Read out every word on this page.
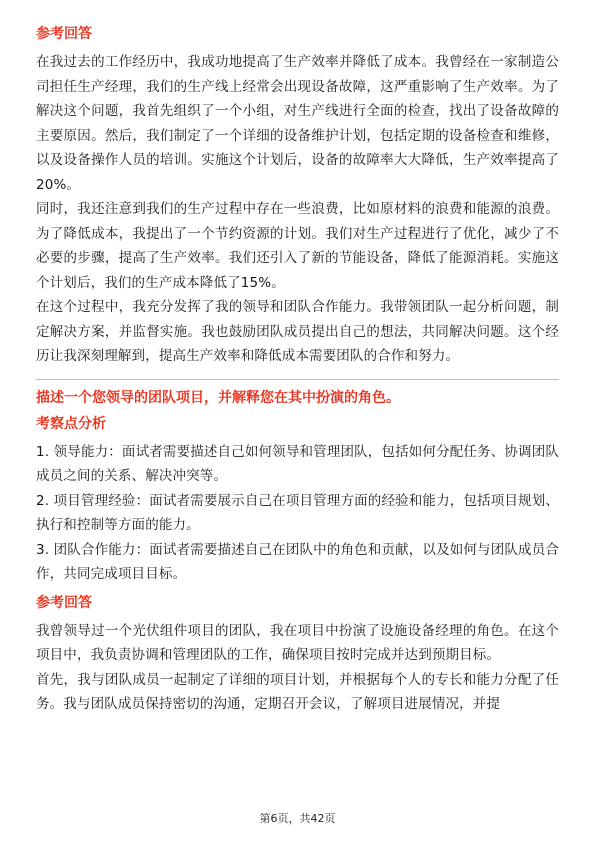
参考回答

在我过去的工作经历中，我成功地提高了生产效率并降低了成本。我曾经在一家制造公司担任生产经理，我们的生产线上经常会出现设备故障，这严重影响了生产效率。为了解决这个问题，我首先组织了一个小组，对生产线进行全面的检查，找出了设备故障的主要原因。然后，我们制定了一个详细的设备维护计划，包括定期的设备检查和维修，以及设备操作人员的培训。实施这个计划后，设备的故障率大大降低，生产效率提高了20%。

同时，我还注意到我们的生产过程中存在一些浪费，比如原材料的浪费和能源的浪费。为了降低成本，我提出了一个节约资源的计划。我们对生产过程进行了优化，减少了不必要的步骤，提高了生产效率。我们还引入了新的节能设备，降低了能源消耗。实施这个计划后，我们的生产成本降低了15%。

在这个过程中，我充分发挥了我的领导和团队合作能力。我带领团队一起分析问题，制定解决方案，并监督实施。我也鼓励团队成员提出自己的想法，共同解决问题。这个经历让我深刻理解到，提高生产效率和降低成本需要团队的合作和努力。

描述一个您领导的团队项目，并解释您在其中扮演的角色。
考察点分析

1. 领导能力：面试者需要描述自己如何领导和管理团队，包括如何分配任务、协调团队成员之间的关系、解决冲突等。

2. 项目管理经验：面试者需要展示自己在项目管理方面的经验和能力，包括项目规划、执行和控制等方面的能力。

3. 团队合作能力：面试者需要描述自己在团队中的角色和贡献，以及如何与团队成员合作，共同完成项目目标。

参考回答

我曾领导过一个光伏组件项目的团队，我在项目中扮演了设施设备经理的角色。在这个项目中，我负责协调和管理团队的工作，确保项目按时完成并达到预期目标。

首先，我与团队成员一起制定了详细的项目计划，并根据每个人的专长和能力分配了任务。我与团队成员保持密切的沟通，定期召开会议，了解项目进展情况，并提

第6页，共42页
